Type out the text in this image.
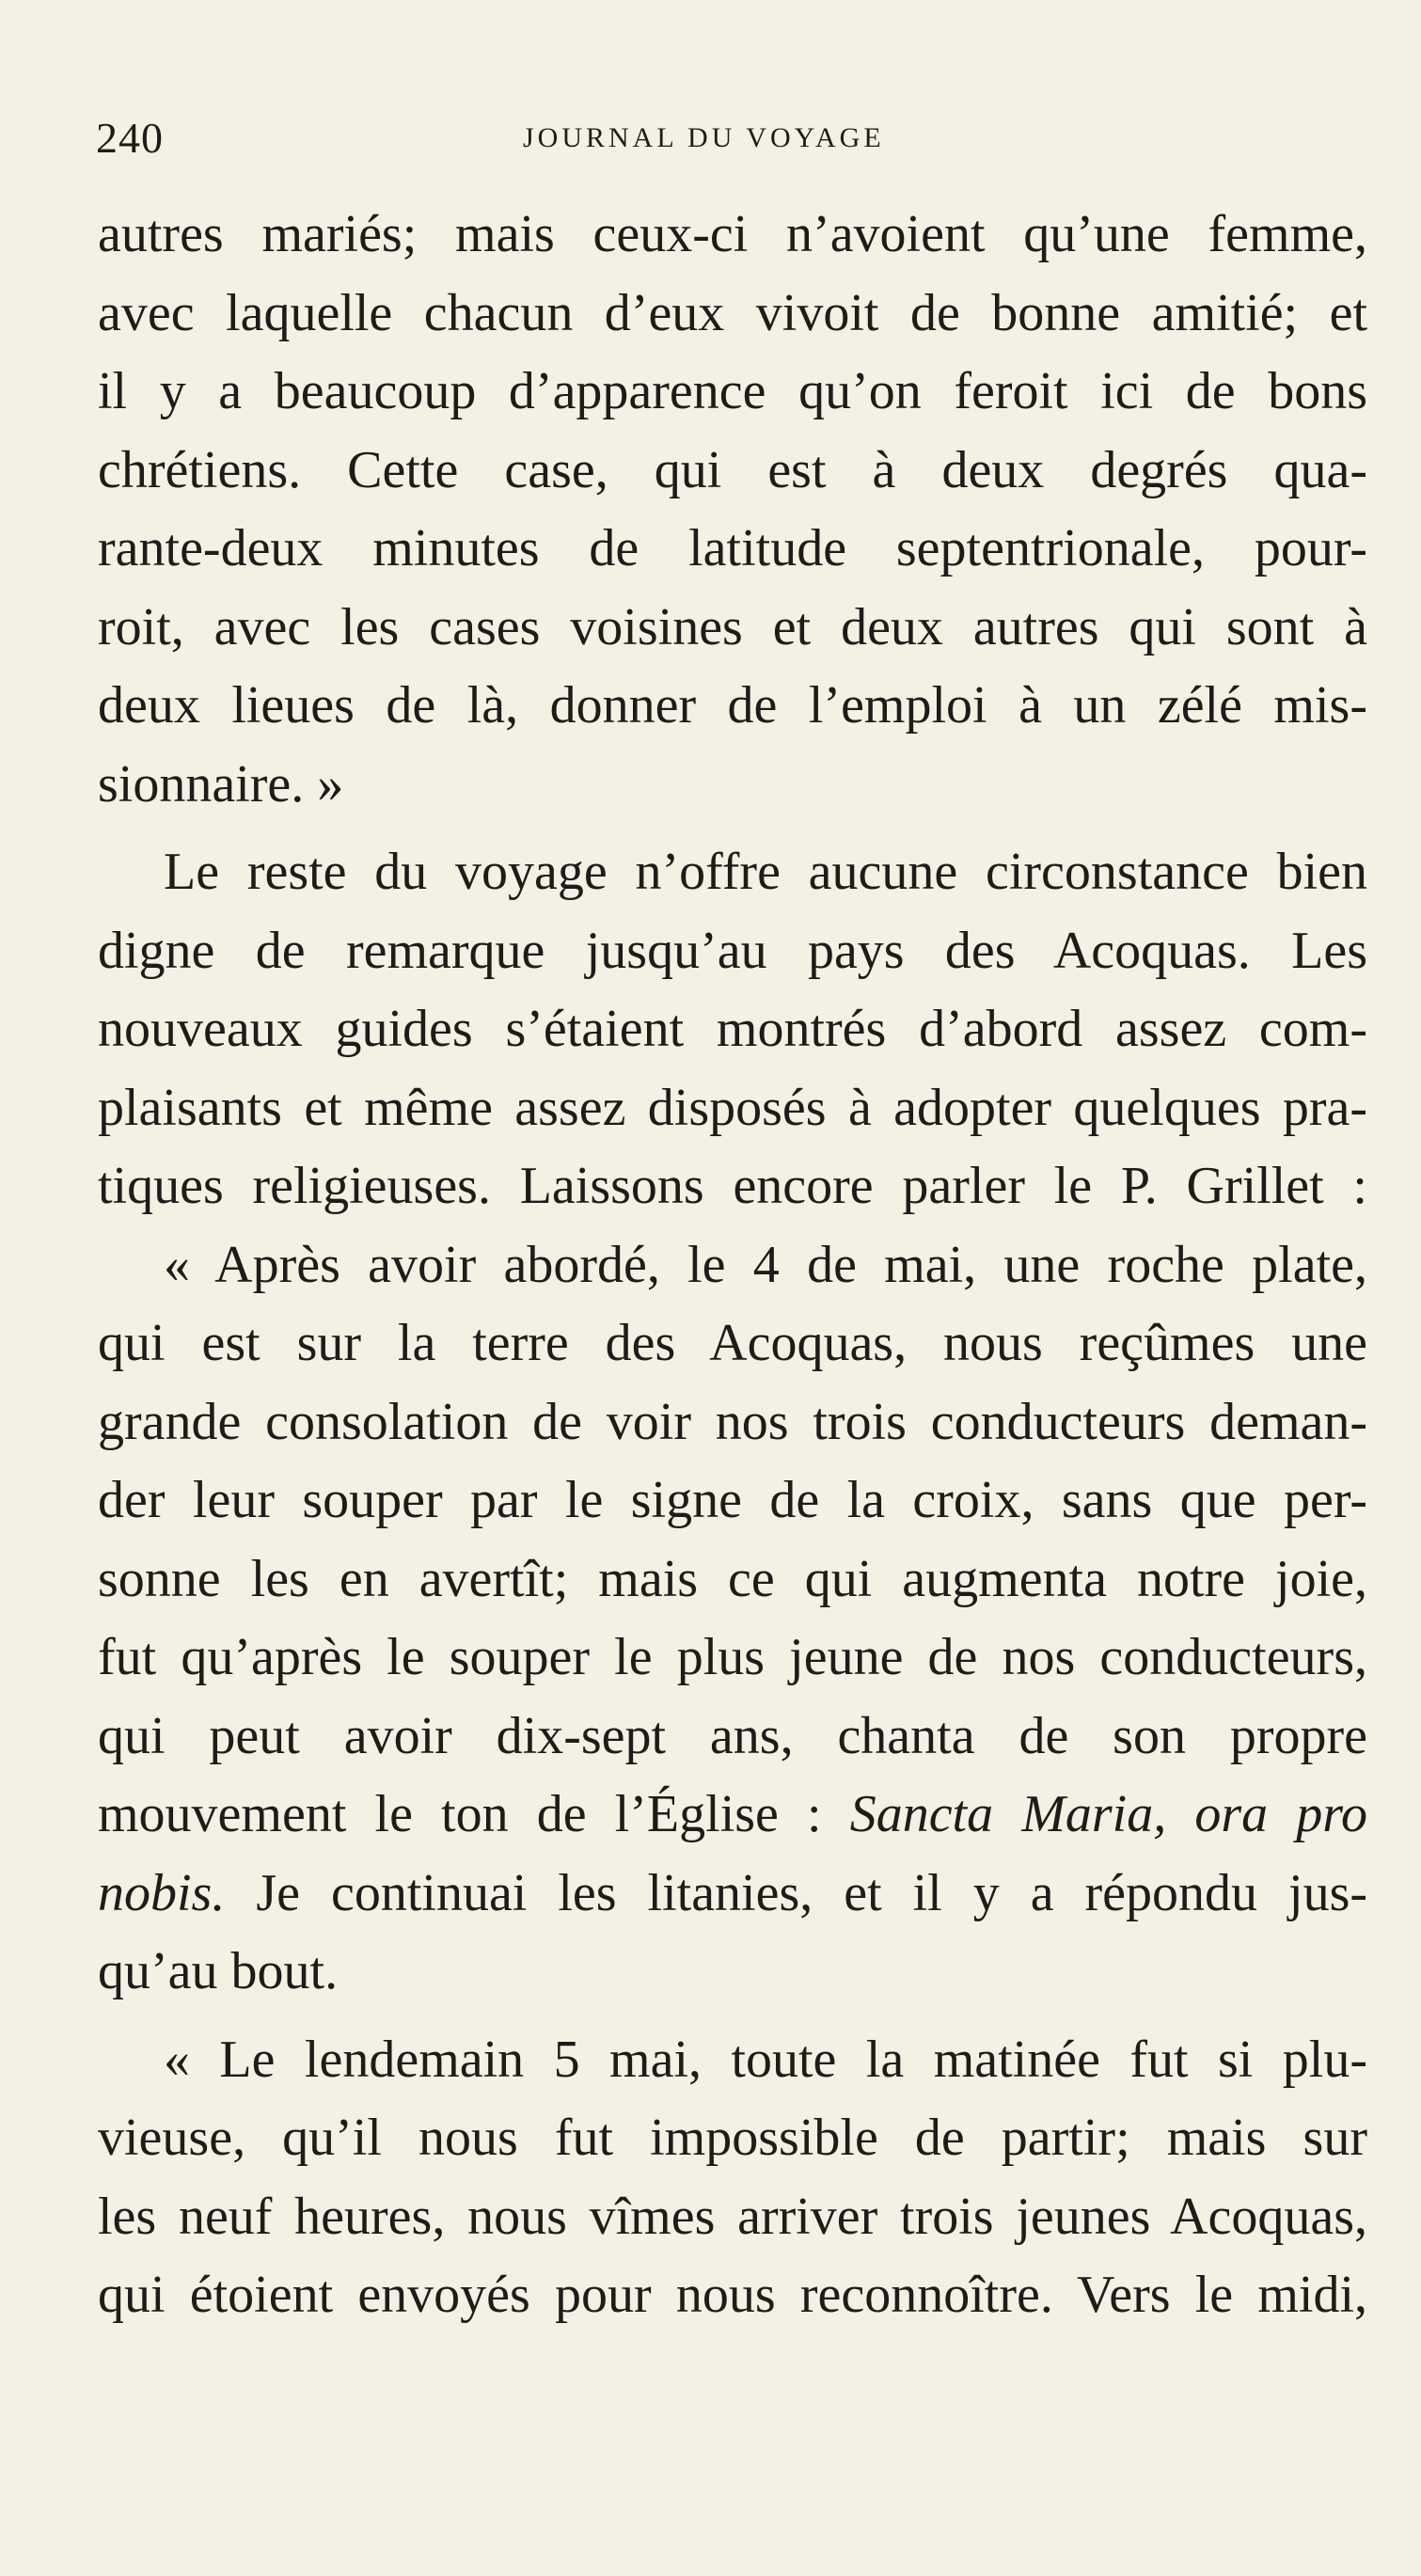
240	JOURNAL DU VOYAGE
autres mariés; mais ceux-ci n’avoient qu’une femme,
avec laquelle chacun d’eux vivoit de bonne amitié; et
il y a beaucoup d’apparence qu’on feroit ici de bons
chrétiens. Cette case, qui est à deux degrés qua-
rante-deux minutes de latitude septentrionale, pour-
roit, avec les cases voisines et deux autres qui sont à
deux lieues de là, donner de l’emploi à un zélé mis-
sionnaire. »
Le reste du voyage n’offre aucune circonstance bien
digne de remarque jusqu’au pays des Acoquas. Les
nouveaux guides s’étaient montrés d’abord assez com-
plaisants et même assez disposés à adopter quelques pra-
tiques religieuses. Laissons encore parler le P. Grillet :
« Après avoir abordé, le 4 de mai, une roche plate,
qui est sur la terre des Acoquas, nous reçûmes une
grande consolation de voir nos trois conducteurs deman-
der leur souper par le signe de la croix, sans que per-
sonne les en avertît; mais ce qui augmenta notre joie,
fut qu’après le souper le plus jeune de nos conducteurs,
qui peut avoir dix-sept ans, chanta de son propre
mouvement le ton de l’Église : Sancta Maria, ora pro
nobis. Je continuai les litanies, et il y a répondu jus-
qu’au bout.
« Le lendemain 5 mai, toute la matinée fut si plu-
vieuse, qu’il nous fut impossible de partir; mais sur
les neuf heures, nous vîmes arriver trois jeunes Acoquas,
qui étoient envoyés pour nous reconnoître. Vers le midi,
